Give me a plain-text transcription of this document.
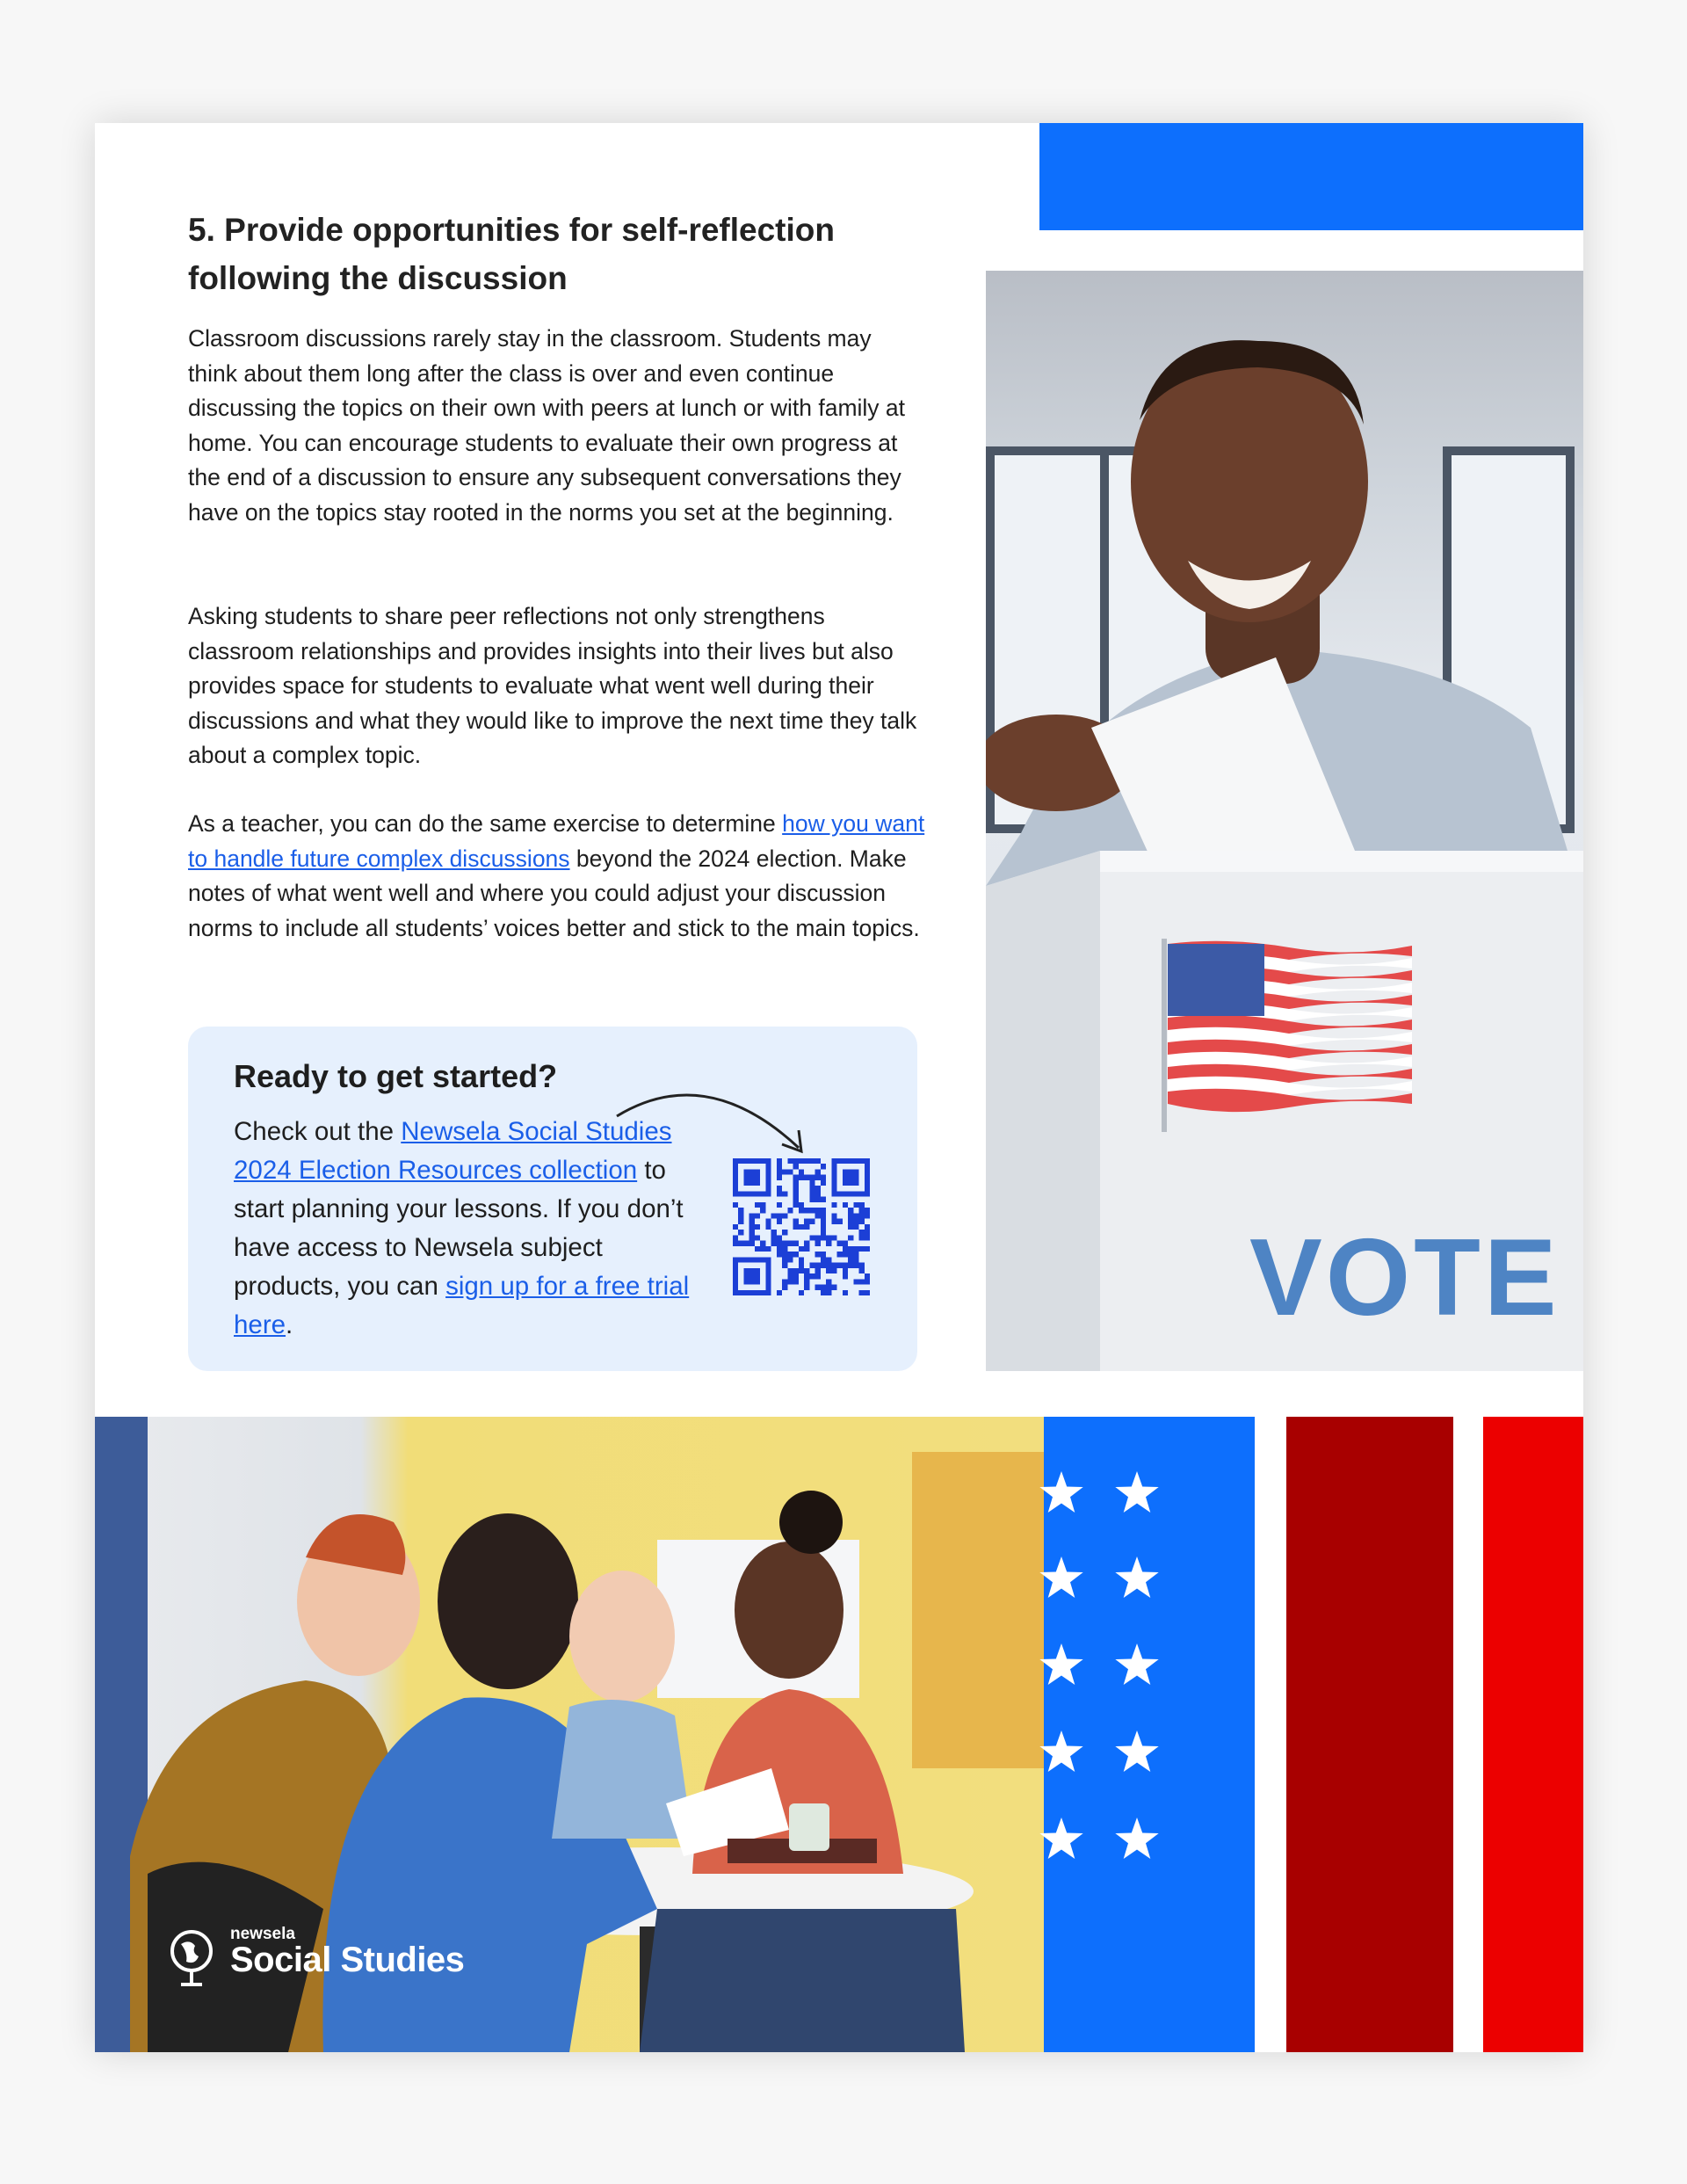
5. Provide opportunities for self-reflection following the discussion

Classroom discussions rarely stay in the classroom. Students may think about them long after the class is over and even continue discussing the topics on their own with peers at lunch or with family at home. You can encourage students to evaluate their own progress at the end of a discussion to ensure any subsequent conversations they have on the topics stay rooted in the norms you set at the beginning.

Asking students to share peer reflections not only strengthens classroom relationships and provides insights into their lives but also provides space for students to evaluate what went well during their discussions and what they would like to improve the next time they talk about a complex topic.

As a teacher, you can do the same exercise to determine how you want to handle future complex discussions beyond the 2024 election. Make notes of what went well and where you could adjust your discussion norms to include all students’ voices better and stick to the main topics.

VOTE
Ready to get started?

Check out the Newsela Social Studies 2024 Election Resources collection to start planning your lessons. If you don’t have access to Newsela subject products, you can sign up for a free trial here.

newsela

Social Studies
